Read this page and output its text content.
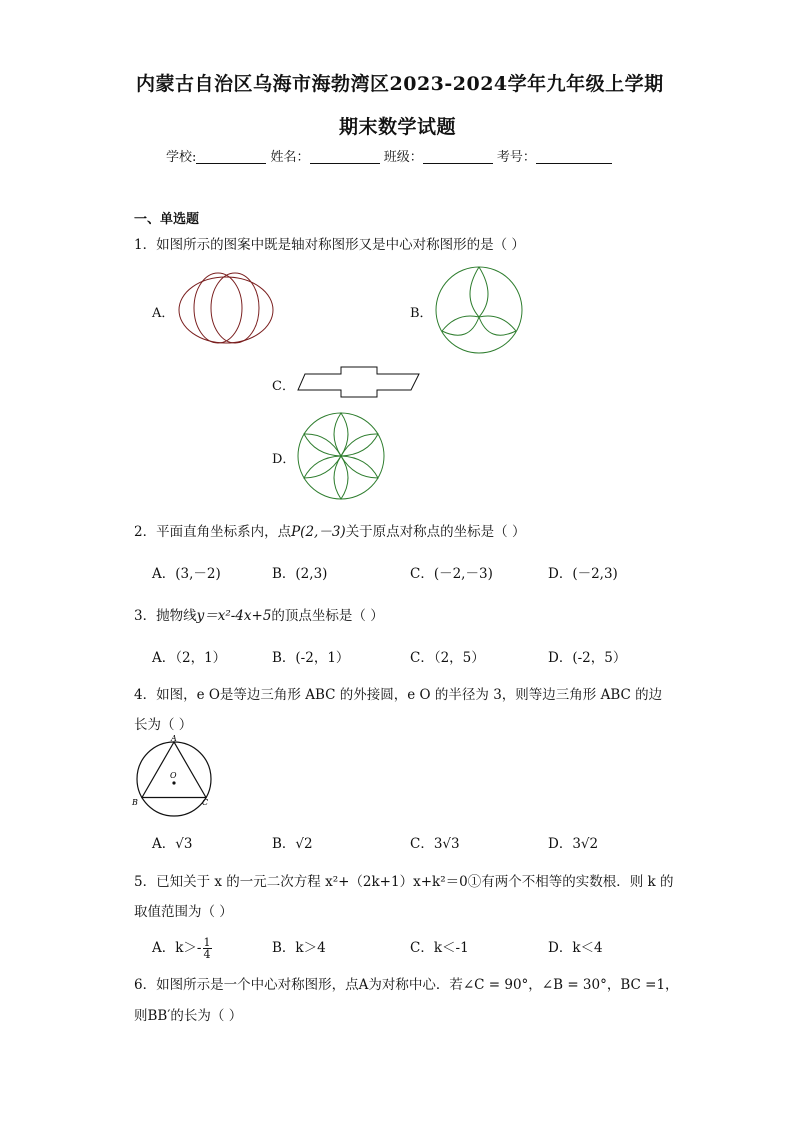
内蒙古自治区乌海市海勃湾区2023-2024学年九年级上学期
期末数学试题
学校:	姓名：	班级：	考号：
一、单选题
1．如图所示的图案中既是轴对称图形又是中心对称图形的是（ ）
A．	B．
C．
D．
2．平面直角坐标系内，点P(2,－3)关于原点对称点的坐标是（ ）
A．(3,－2)	B．(2,3)	C．(－2,－3)	D．(－2,3)
3．抛物线y＝x²-4x+5的顶点坐标是（ ）
A．（2，1）	B．(-2，1）	C．（2，5）	D．(-2，5）
4．如图，e O是等边三角形 ABC 的外接圆，e O 的半径为 3，则等边三角形 ABC 的边
长为（ ）
A
B	C
O
A．√3	B．√2	C．3√3	D．3√2
5．已知关于 x 的一元二次方程 x²+（2k+1）x+k²＝0①有两个不相等的实数根．则 k 的
取值范围为（ ）
A．$k>- \frac{1}{4}$	B．k＞4	C．k＜-1	D．k＜4
6．如图所示是一个中心对称图形，点A为对称中心．若∠C = 90°，∠B = 30°，BC =1，
则BB′的长为（ ）
